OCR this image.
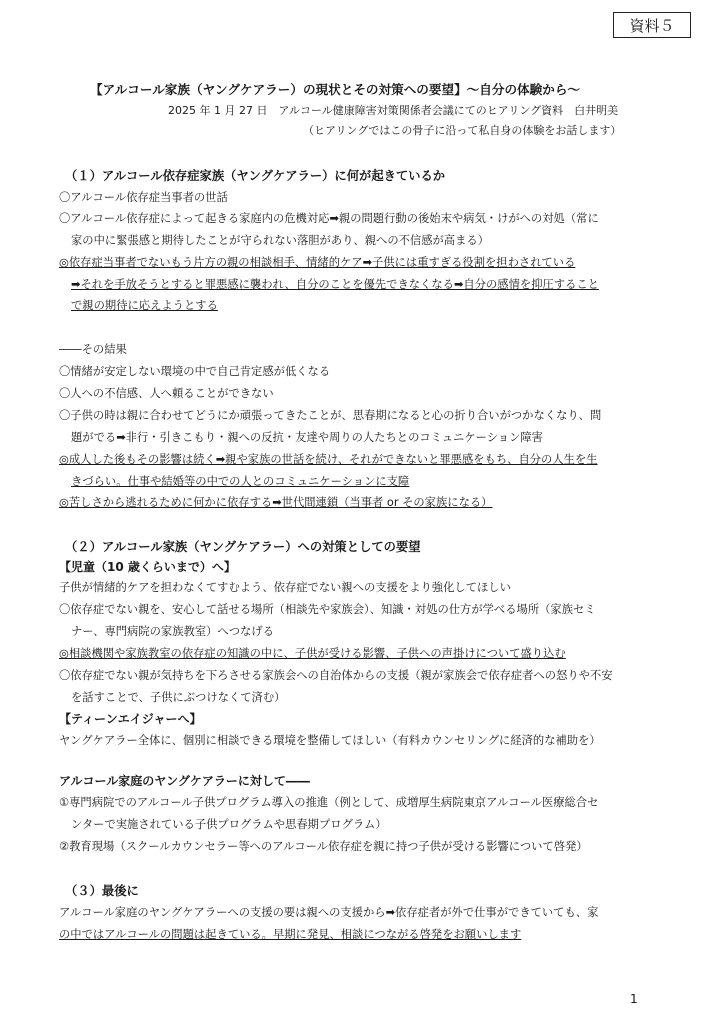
資料５
【アルコール家族（ヤングケアラー）の現状とその対策への要望】～自分の体験から～
2025 年 1 月 27 日　アルコール健康障害対策関係者会議にてのヒアリング資料　白井明美
（ヒアリングではこの骨子に沿って私自身の体験をお話します）
（１）アルコール依存症家族（ヤングケアラー）に何が起きているか
〇アルコール依存症当事者の世話
〇アルコール依存症によって起きる家庭内の危機対応➡親の問題行動の後始末や病気・けがへの対処（常に
家の中に緊張感と期待したことが守られない落胆があり、親への不信感が高まる）
◎依存症当事者でないもう片方の親の相談相手、情緒的ケア➡子供には重すぎる役割を担わされている
➡それを手放そうとすると罪悪感に襲われ、自分のことを優先できなくなる➡自分の感情を抑圧すること
で親の期待に応えようとする
――その結果
〇情緒が安定しない環境の中で自己肯定感が低くなる
〇人への不信感、人へ頼ることができない
〇子供の時は親に合わせてどうにか頑張ってきたことが、思春期になると心の折り合いがつかなくなり、問
題がでる➡非行・引きこもり・親への反抗・友達や周りの人たちとのコミュニケーション障害
◎成人した後もその影響は続く➡親や家族の世話を続け、それができないと罪悪感をもち、自分の人生を生
きづらい。仕事や結婚等の中での人とのコミュニケーションに支障
◎苦しさから逃れるために何かに依存する➡世代間連鎖（当事者 or その家族になる）
（２）アルコール家族（ヤングケアラー）への対策としての要望
【児童（10 歳くらいまで）へ】
子供が情緒的ケアを担わなくてすむよう、依存症でない親への支援をより強化してほしい
〇依存症でない親を、安心して話せる場所（相談先や家族会）、知識・対処の仕方が学べる場所（家族セミ
ナー、専門病院の家族教室）へつなげる
◎相談機関や家族教室の依存症の知識の中に、子供が受ける影響、子供への声掛けについて盛り込む
〇依存症でない親が気持ちを下ろさせる家族会への自治体からの支援（親が家族会で依存症者への怒りや不安
を話すことで、子供にぶつけなくて済む）
【ティーンエイジャーへ】
ヤングケアラー全体に、個別に相談できる環境を整備してほしい（有料カウンセリングに経済的な補助を）
アルコール家庭のヤングケアラーに対して――
①専門病院でのアルコール子供プログラム導入の推進（例として、成増厚生病院東京アルコール医療総合セ
ンターで実施されている子供プログラムや思春期プログラム）
②教育現場（スクールカウンセラー等へのアルコール依存症を親に持つ子供が受ける影響について啓発）
（３）最後に
アルコール家庭のヤングケアラーへの支援の要は親への支援から➡依存症者が外で仕事ができていても、家
の中ではアルコールの問題は起きている。早期に発見、相談につながる啓発をお願いします
1
